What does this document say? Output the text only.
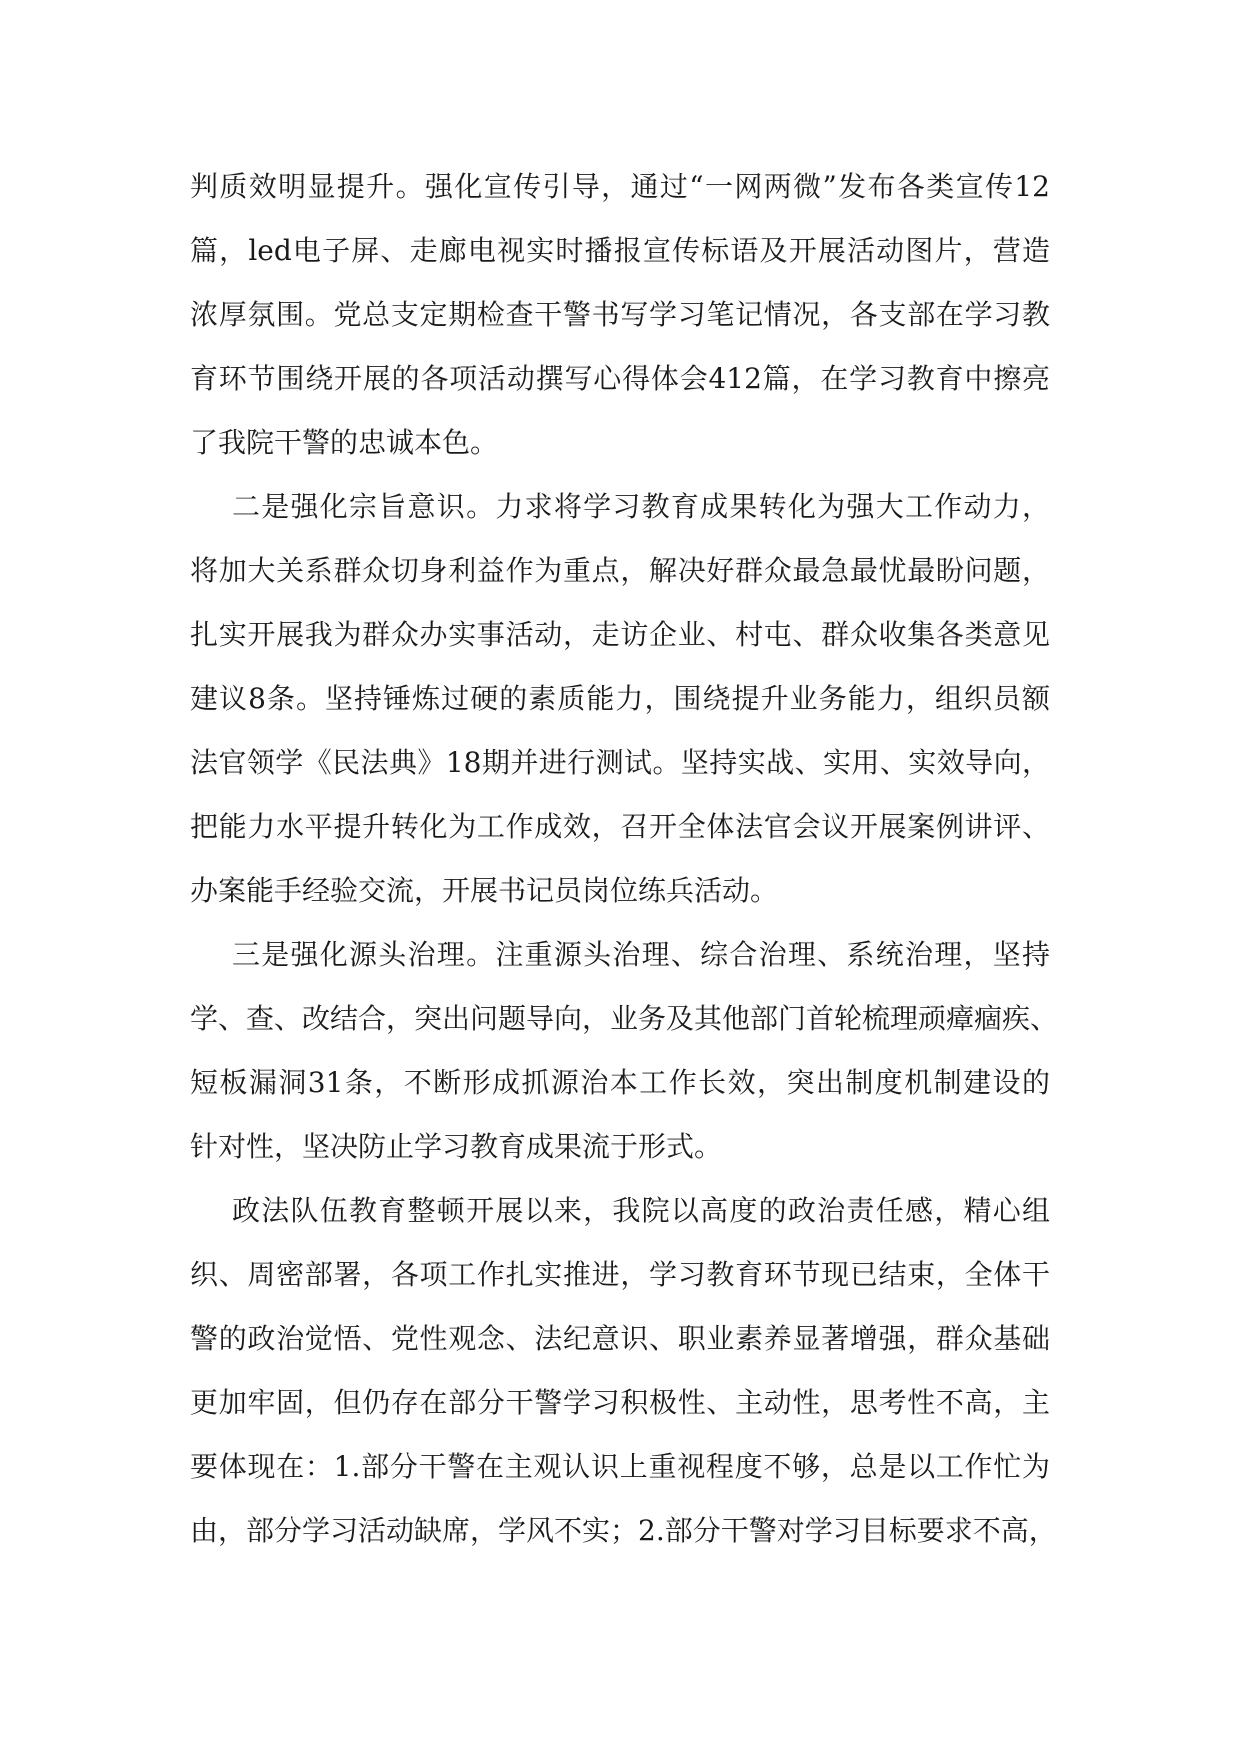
判质效明显提升。强化宣传引导，通过“一网两微”发布各类宣传12
篇，led电子屏、走廊电视实时播报宣传标语及开展活动图片，营造
浓厚氛围。党总支定期检查干警书写学习笔记情况，各支部在学习教
育环节围绕开展的各项活动撰写心得体会412篇，在学习教育中擦亮
了我院干警的忠诚本色。
二是强化宗旨意识。力求将学习教育成果转化为强大工作动力，
将加大关系群众切身利益作为重点，解决好群众最急最忧最盼问题，
扎实开展我为群众办实事活动，走访企业、村屯、群众收集各类意见
建议8条。坚持锤炼过硬的素质能力，围绕提升业务能力，组织员额
法官领学《民法典》18期并进行测试。坚持实战、实用、实效导向，
把能力水平提升转化为工作成效，召开全体法官会议开展案例讲评、
办案能手经验交流，开展书记员岗位练兵活动。
三是强化源头治理。注重源头治理、综合治理、系统治理，坚持
学、查、改结合，突出问题导向，业务及其他部门首轮梳理顽瘴痼疾、
短板漏洞31条，不断形成抓源治本工作长效，突出制度机制建设的
针对性，坚决防止学习教育成果流于形式。
政法队伍教育整顿开展以来，我院以高度的政治责任感，精心组
织、周密部署，各项工作扎实推进，学习教育环节现已结束，全体干
警的政治觉悟、党性观念、法纪意识、职业素养显著增强，群众基础
更加牢固，但仍存在部分干警学习积极性、主动性，思考性不高，主
要体现在：1.部分干警在主观认识上重视程度不够，总是以工作忙为
由，部分学习活动缺席，学风不实；2.部分干警对学习目标要求不高，
